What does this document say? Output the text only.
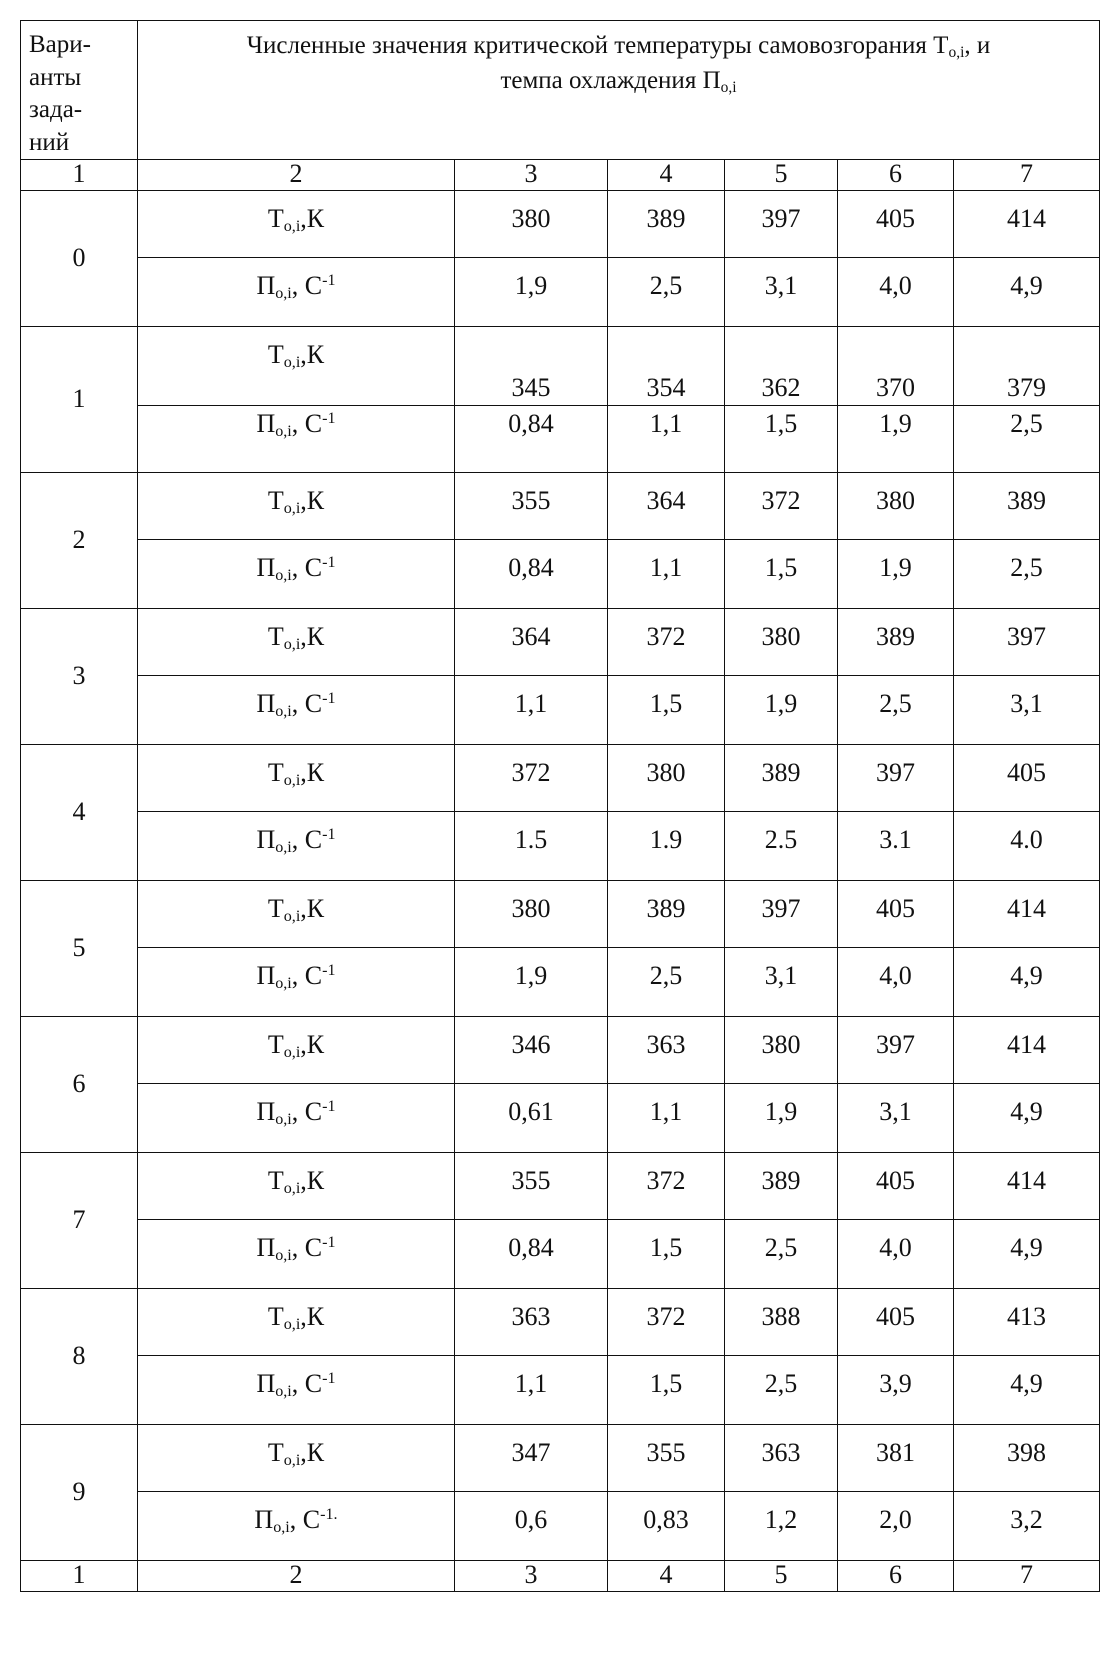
Вари-
анты
зада-
ний	Численные значения критической температуры самовозгорания $Т_{o,i}$, и
темпа охлаждения $П_{o,i}$
1	2	3	4	5	6	7
0	$Т_{o,i},К$	380	389	397	405	414
	$П_{o,i}$, $С^{-1}$	1,9	2,5	3,1	4,0	4,9
1	$Т_{o,i},К$	345	354	362	370	379
	$П_{o,i}$, $С^{-1}$	0,84	1,1	1,5	1,9	2,5
2	$Т_{o,i},К$	355	364	372	380	389
	$П_{o,i}$, $С^{-1}$	0,84	1,1	1,5	1,9	2,5
3	$Т_{o,i},К$	364	372	380	389	397
	$П_{o,i}$, $С^{-1}$	1,1	1,5	1,9	2,5	3,1
4	$Т_{o,i},К$	372	380	389	397	405
	$П_{o,i}$, $С^{-1}$	1.5	1.9	2.5	3.1	4.0
5	$Т_{o,i},К$	380	389	397	405	414
	$П_{o,i}$, $С^{-1}$	1,9	2,5	3,1	4,0	4,9
6	$Т_{o,i},К$	346	363	380	397	414
	$П_{o,i}$, $С^{-1}$	0,61	1,1	1,9	3,1	4,9
7	$Т_{o,i},К$	355	372	389	405	414
	$П_{o,i}$, $С^{-1}$	0,84	1,5	2,5	4,0	4,9
8	$Т_{o,i},К$	363	372	388	405	413
	$П_{o,i}$, $С^{-1}$	1,1	1,5	2,5	3,9	4,9
9	$Т_{o,i},К$	347	355	363	381	398
	$П_{o,i}$, $С^{-1.}$	0,6	0,83	1,2	2,0	3,2
1	2	3	4	5	6	7
